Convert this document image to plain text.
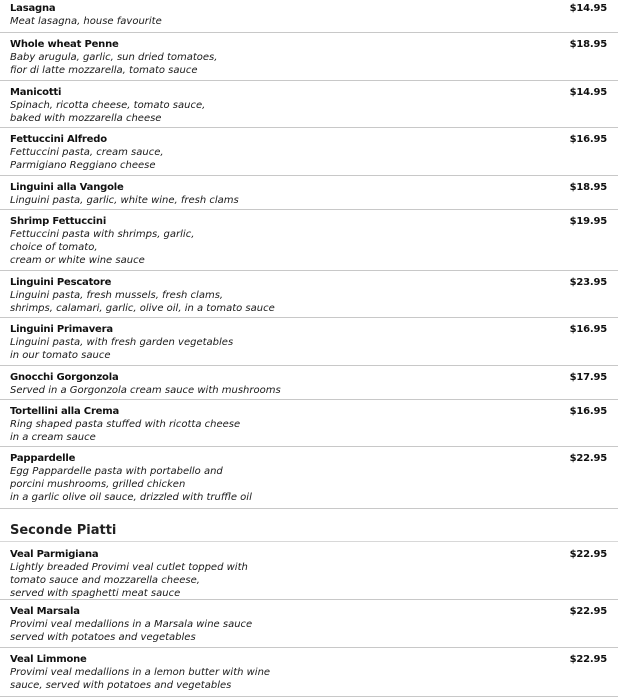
Lasagna
Meat lasagna, house favourite
$14.95
Whole wheat Penne
Baby arugula, garlic, sun dried tomatoes,
fior di latte mozzarella, tomato sauce
$18.95
Manicotti
Spinach, ricotta cheese, tomato sauce,
baked with mozzarella cheese
$14.95
Fettuccini Alfredo
Fettuccini pasta, cream sauce,
Parmigiano Reggiano cheese
$16.95
Linguini alla Vangole
Linguini pasta, garlic, white wine, fresh clams
$18.95
Shrimp Fettuccini
Fettuccini pasta with shrimps, garlic,
choice of tomato,
cream or white wine sauce
$19.95
Linguini Pescatore
Linguini pasta, fresh mussels, fresh clams,
shrimps, calamari, garlic, olive oil, in a tomato sauce
$23.95
Linguini Primavera
Linguini pasta, with fresh garden vegetables
in our tomato sauce
$16.95
Gnocchi Gorgonzola
Served in a Gorgonzola cream sauce with mushrooms
$17.95
Tortellini alla Crema
Ring shaped pasta stuffed with ricotta cheese
in a cream sauce
$16.95
Pappardelle
Egg Pappardelle pasta with portabello and
porcini mushrooms, grilled chicken
in a garlic olive oil sauce, drizzled with truffle oil
$22.95
Seconde Piatti
Veal Parmigiana
Lightly breaded Provimi veal cutlet topped with
tomato sauce and mozzarella cheese,
served with spaghetti meat sauce
$22.95
Veal Marsala
Provimi veal medallions in a Marsala wine sauce
served with potatoes and vegetables
$22.95
Veal Limmone
Provimi veal medallions in a lemon butter with wine
sauce, served with potatoes and vegetables
$22.95
